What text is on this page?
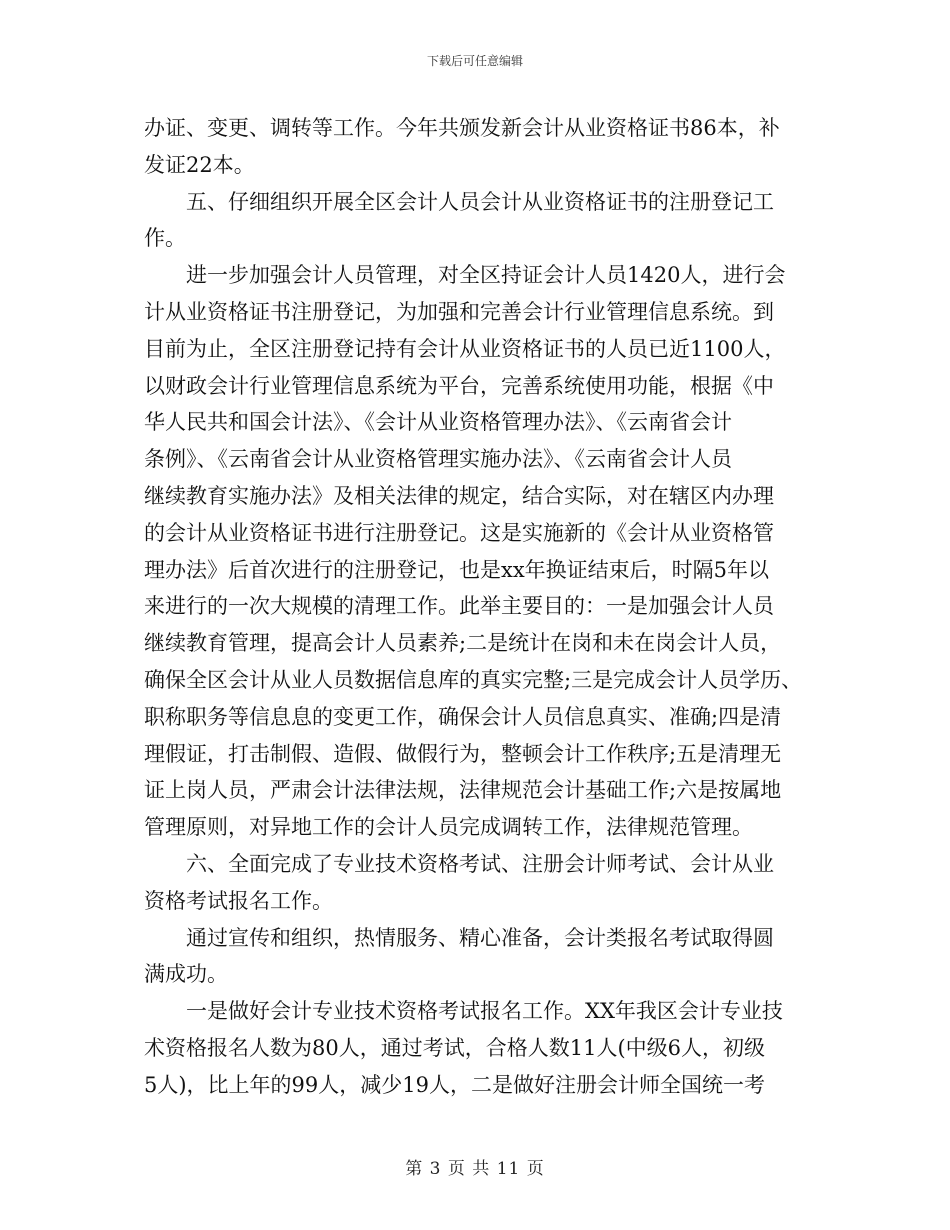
下载后可任意编辑
办证、变更、调转等工作。今年共颁发新会计从业资格证书86本，补
发证22本。
五、仔细组织开展全区会计人员会计从业资格证书的注册登记工
作。
进一步加强会计人员管理，对全区持证会计人员1420人，进行会
计从业资格证书注册登记，为加强和完善会计行业管理信息系统。到
目前为止，全区注册登记持有会计从业资格证书的人员已近1100人，
以财政会计行业管理信息系统为平台，完善系统使用功能，根据《中
华人民共和国会计法》、《会计从业资格管理办法》、《云南省会计
条例》、《云南省会计从业资格管理实施办法》、《云南省会计人员
继续教育实施办法》及相关法律的规定，结合实际，对在辖区内办理
的会计从业资格证书进行注册登记。这是实施新的《会计从业资格管
理办法》后首次进行的注册登记，也是xx年换证结束后，时隔5年以
来进行的一次大规模的清理工作。此举主要目的：一是加强会计人员
继续教育管理，提高会计人员素养;二是统计在岗和未在岗会计人员，
确保全区会计从业人员数据信息库的真实完整;三是完成会计人员学历、
职称职务等信息息的变更工作，确保会计人员信息真实、准确;四是清
理假证，打击制假、造假、做假行为，整顿会计工作秩序;五是清理无
证上岗人员，严肃会计法律法规，法律规范会计基础工作;六是按属地
管理原则，对异地工作的会计人员完成调转工作，法律规范管理。
六、全面完成了专业技术资格考试、注册会计师考试、会计从业
资格考试报名工作。
通过宣传和组织，热情服务、精心准备，会计类报名考试取得圆
满成功。
一是做好会计专业技术资格考试报名工作。XX年我区会计专业技
术资格报名人数为80人，通过考试，合格人数11人(中级6人，初级
5人)，比上年的99人，减少19人，二是做好注册会计师全国统一考
第 3 页 共 11 页
